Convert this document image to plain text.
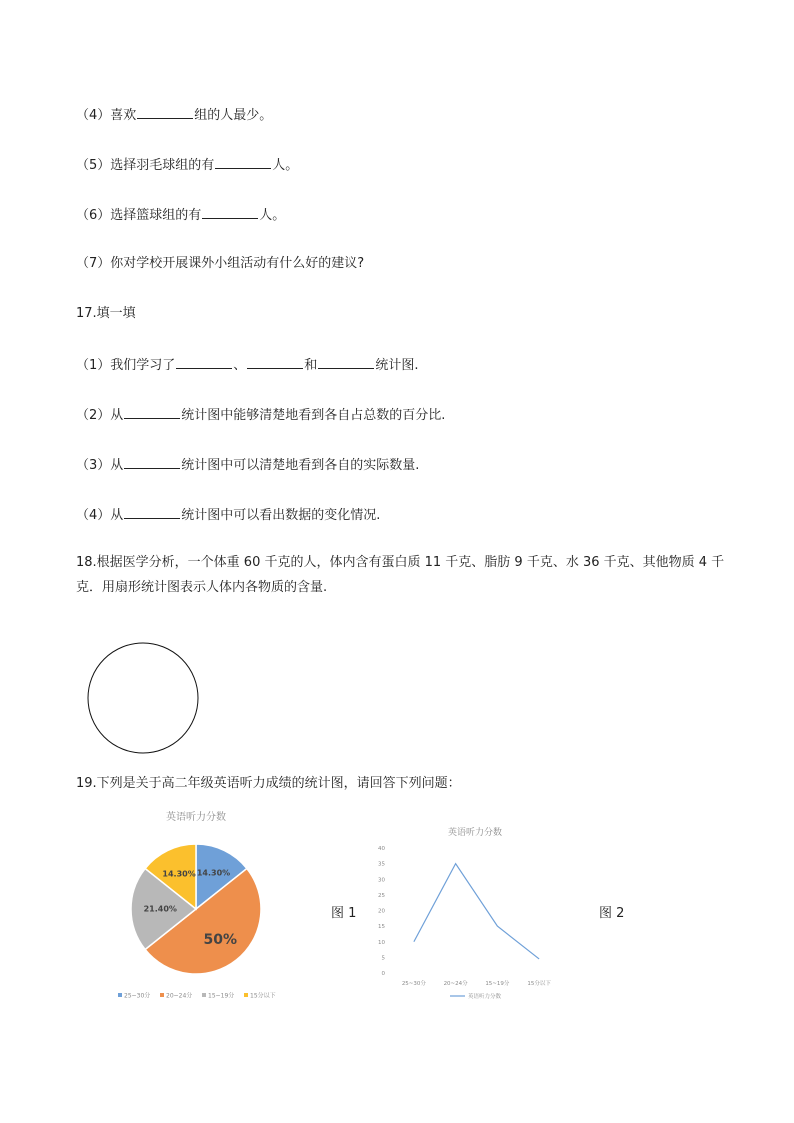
（4）喜欢	组的人最少。
（5）选择羽毛球组的有	人。
（6）选择篮球组的有	人。
（7）你对学校开展课外小组活动有什么好的建议?
17.填一填
（1）我们学习了	、	和	统计图.
（2）从	统计图中能够清楚地看到各自占总数的百分比.
（3）从	统计图中可以清楚地看到各自的实际数量.
（4）从	统计图中可以看出数据的变化情况.
18.根据医学分析，一个体重 60 千克的人，体内含有蛋白质 11 千克、脂肪 9 千克、水 36 千克、其他物质 4 千克．用扇形统计图表示人体内各物质的含量.
19.下列是关于高二年级英语听力成绩的统计图，请回答下列问题：
英语听力分数
14.30%
50%
21.40%
14.30%
25~30分	20~24分	15~19分	15分以下
图 1
英语听力分数
0
5
10
15
20
25
30
35
40
25~30分	20~24分	15~19分	15分以下
英语听力分数
图 2
